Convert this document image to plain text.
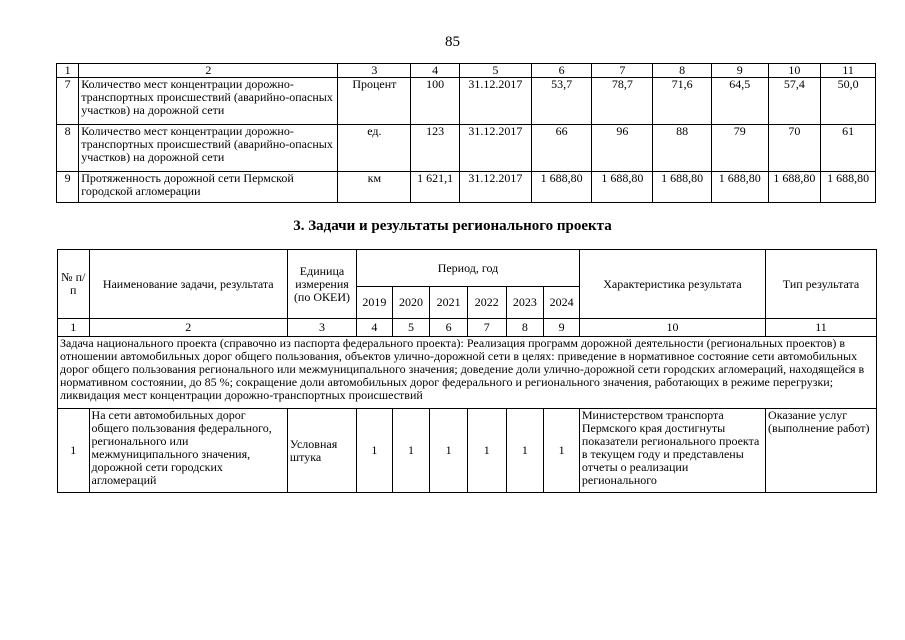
85
1	2	3	4	5	6	7	8	9	10	11
7	Количество мест концентрации дорожно-транспортных происшествий (аварийно-опасных участков) на дорожной сети	Процент	100	31.12.2017	53,7	78,7	71,6	64,5	57,4	50,0
8	Количество мест концентрации дорожно-транспортных происшествий (аварийно-опасных участков) на дорожной сети	ед.	123	31.12.2017	66	96	88	79	70	61
9	Протяженность дорожной сети Пермской городской агломерации	км	1 621,1	31.12.2017	1 688,80	1 688,80	1 688,80	1 688,80	1 688,80	1 688,80
3. Задачи и результаты регионального проекта
№ п/п	Наименование задачи, результата	Единица измерения (по ОКЕИ)	Период, год						Характеристика результата	Тип результата
			2019	2020	2021	2022	2023	2024		
1	2	3	4	5	6	7	8	9	10	11
Задача национального проекта (справочно из паспорта федерального проекта): Реализация программ дорожной деятельности (региональных проектов) в отношении автомобильных дорог общего пользования, объектов улично-дорожной сети в целях: приведение в нормативное состояние сети автомобильных дорог общего пользования регионального или межмуниципального значения; доведение доли улично-дорожной сети городских агломераций, находящейся в нормативном состоянии, до 85 %; сокращение доли автомобильных дорог федерального и регионального значения, работающих в режиме перегрузки; ликвидация мест концентрации дорожно-транспортных происшествий										
1	На сети автомобильных дорог общего пользования федерального, регионального или межмуниципального значения, дорожной сети городских агломераций	Условная штука	1	1	1	1	1	1	Министерством транспорта Пермского края достигнуты показатели регионального проекта в текущем году и представлены отчеты о реализации регионального	Оказание услуг (выполнение работ)
